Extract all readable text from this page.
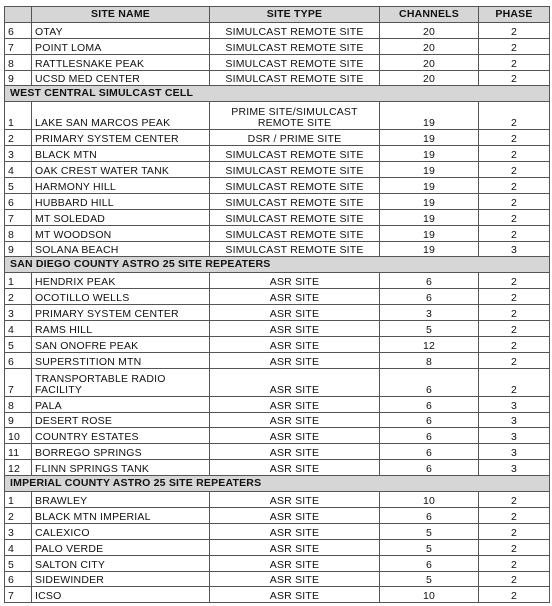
	SITE NAME	SITE TYPE	CHANNELS	PHASE
6	OTAY	SIMULCAST REMOTE SITE	20	2
7	POINT LOMA	SIMULCAST REMOTE SITE	20	2
8	RATTLESNAKE PEAK	SIMULCAST REMOTE SITE	20	2
9	UCSD MED CENTER	SIMULCAST REMOTE SITE	20	2
WEST CENTRAL SIMULCAST CELL				
1	LAKE SAN MARCOS PEAK	PRIME SITE/SIMULCAST REMOTE SITE	19	2
2	PRIMARY SYSTEM CENTER	DSR / PRIME SITE	19	2
3	BLACK MTN	SIMULCAST REMOTE SITE	19	2
4	OAK CREST WATER TANK	SIMULCAST REMOTE SITE	19	2
5	HARMONY HILL	SIMULCAST REMOTE SITE	19	2
6	HUBBARD HILL	SIMULCAST REMOTE SITE	19	2
7	MT SOLEDAD	SIMULCAST REMOTE SITE	19	2
8	MT WOODSON	SIMULCAST REMOTE SITE	19	2
9	SOLANA BEACH	SIMULCAST REMOTE SITE	19	3
SAN DIEGO COUNTY ASTRO 25 SITE REPEATERS				
1	HENDRIX PEAK	ASR SITE	6	2
2	OCOTILLO WELLS	ASR SITE	6	2
3	PRIMARY SYSTEM CENTER	ASR SITE	3	2
4	RAMS HILL	ASR SITE	5	2
5	SAN ONOFRE PEAK	ASR SITE	12	2
6	SUPERSTITION MTN	ASR SITE	8	2
7	TRANSPORTABLE RADIO FACILITY	ASR SITE	6	2
8	PALA	ASR SITE	6	3
9	DESERT ROSE	ASR SITE	6	3
10	COUNTRY ESTATES	ASR SITE	6	3
11	BORREGO SPRINGS	ASR SITE	6	3
12	FLINN SPRINGS TANK	ASR SITE	6	3
IMPERIAL COUNTY ASTRO 25 SITE REPEATERS				
1	BRAWLEY	ASR SITE	10	2
2	BLACK MTN IMPERIAL	ASR SITE	6	2
3	CALEXICO	ASR SITE	5	2
4	PALO VERDE	ASR SITE	5	2
5	SALTON CITY	ASR SITE	6	2
6	SIDEWINDER	ASR SITE	5	2
7	ICSO	ASR SITE	10	2
